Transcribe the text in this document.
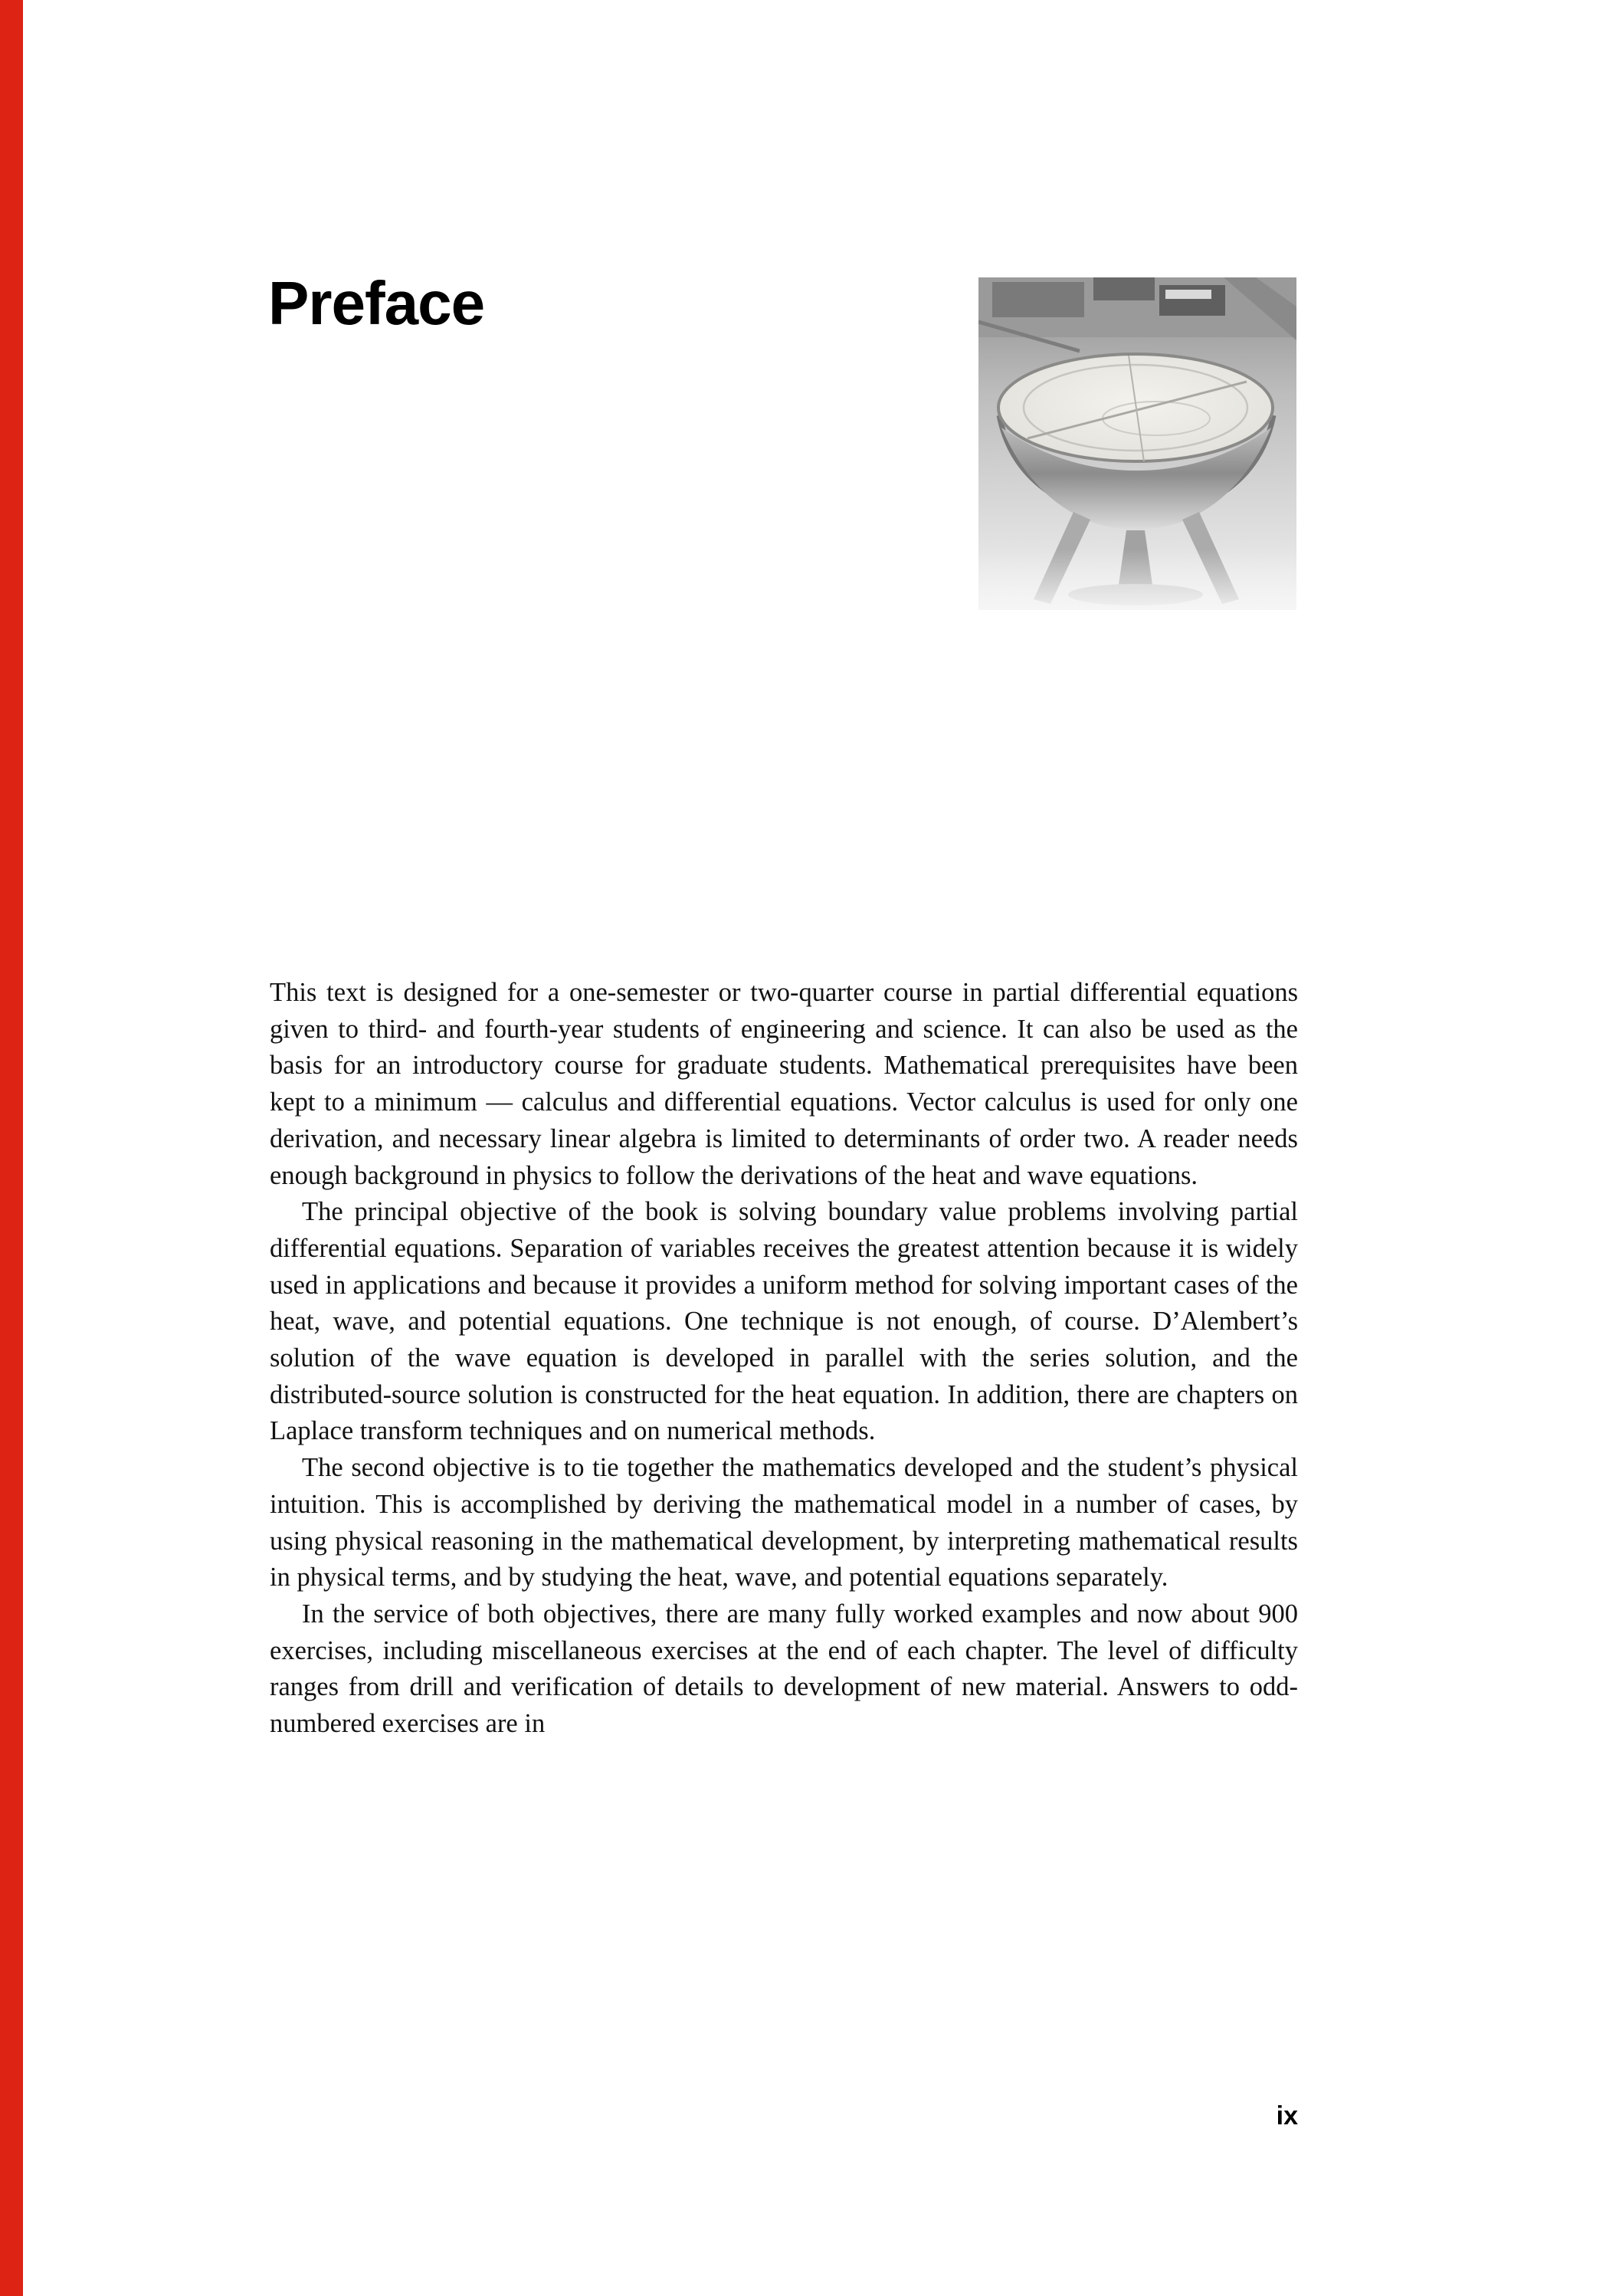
Preface

This text is designed for a one-semester or two-quarter course in partial differential equations given to third- and fourth-year students of engineering and science. It can also be used as the basis for an introductory course for graduate students. Mathematical prerequisites have been kept to a minimum — calculus and differential equations. Vector calculus is used for only one derivation, and necessary linear algebra is limited to determinants of order two. A reader needs enough background in physics to follow the derivations of the heat and wave equations.

The principal objective of the book is solving boundary value problems involving partial differential equations. Separation of variables receives the greatest attention because it is widely used in applications and because it provides a uniform method for solving important cases of the heat, wave, and potential equations. One technique is not enough, of course. D’Alembert’s solution of the wave equation is developed in parallel with the series solution, and the distributed-source solution is constructed for the heat equation. In addition, there are chapters on Laplace transform techniques and on numerical methods.

The second objective is to tie together the mathematics developed and the student’s physical intuition. This is accomplished by deriving the mathematical model in a number of cases, by using physical reasoning in the mathematical development, by interpreting mathematical results in physical terms, and by studying the heat, wave, and potential equations separately.

In the service of both objectives, there are many fully worked examples and now about 900 exercises, including miscellaneous exercises at the end of each chapter. The level of difficulty ranges from drill and verification of details to development of new material. Answers to odd-numbered exercises are in

ix
